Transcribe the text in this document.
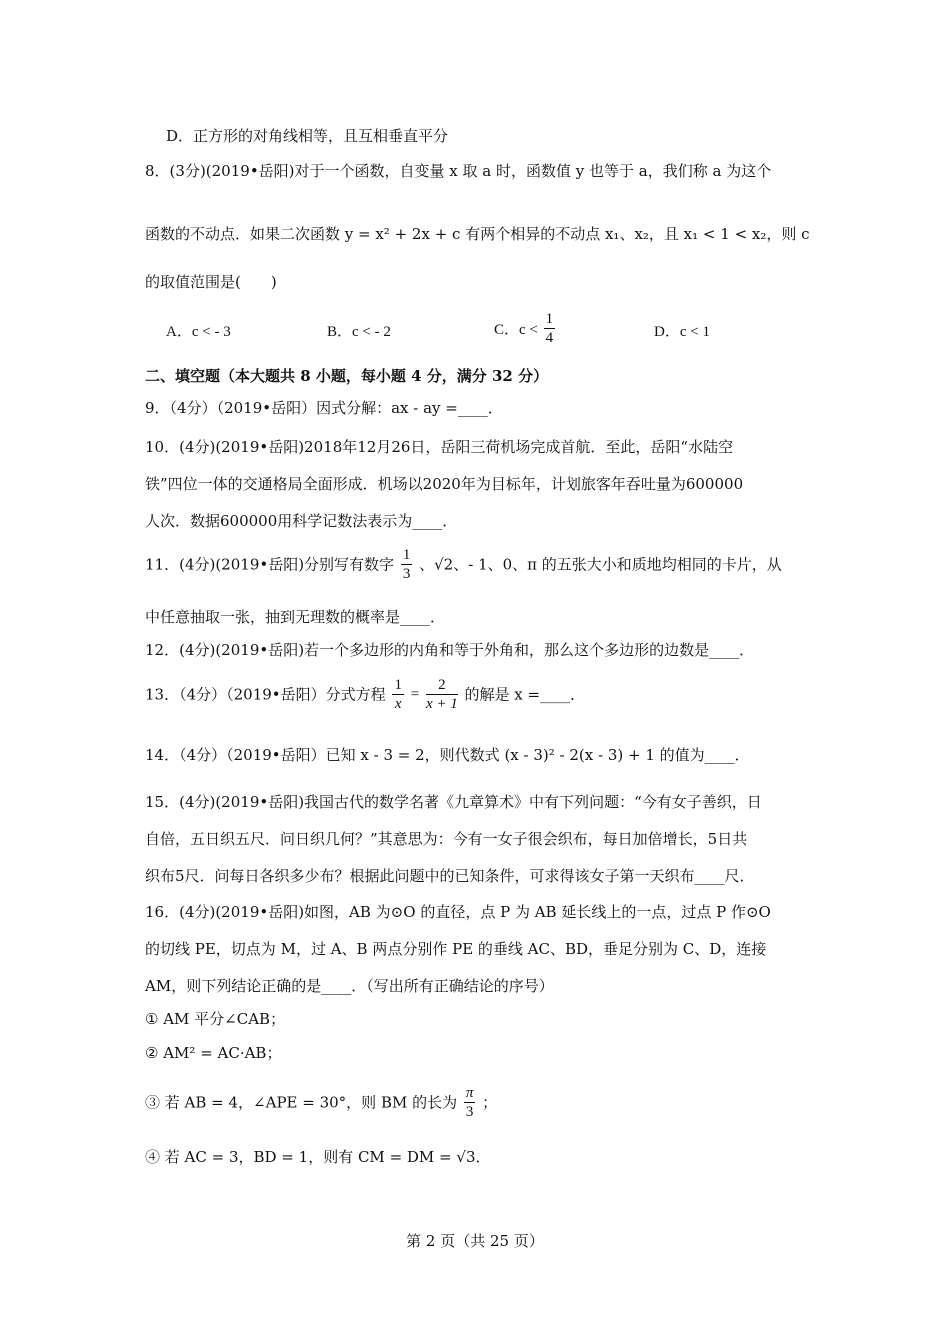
D．正方形的对角线相等，且互相垂直平分
8．(3分)(2019•岳阳)对于一个函数，自变量 x 取 a 时，函数值 y 也等于 a，我们称 a 为这个
函数的不动点．如果二次函数 y = x² + 2x + c 有两个相异的不动点 x₁、x₂，且 x₁ < 1 < x₂，则 c
的取值范围是(　　)
A．c < - 3	B．c < - 2	C．$c < \frac{1}{4}$	D．c < 1
二、填空题（本大题共 8 小题，每小题 4 分，满分 32 分）
9．（4分）（2019•岳阳）因式分解：ax - ay =____．
10．(4分)(2019•岳阳)2018年12月26日，岳阳三荷机场完成首航．至此，岳阳“水陆空
铁”四位一体的交通格局全面形成．机场以2020年为目标年，计划旅客年吞吐量为600000
人次．数据600000用科学记数法表示为____．
11．(4分)(2019•岳阳)分别写有数字 $\frac{1}{3}$ 、√2、- 1、0、π 的五张大小和质地均相同的卡片，从
中任意抽取一张，抽到无理数的概率是____．
12．(4分)(2019•岳阳)若一个多边形的内角和等于外角和，那么这个多边形的边数是____．
13．（4分）（2019•岳阳）分式方程 $\frac{1}{x} = \frac{2}{x + 1}$ 的解是 x =____．
14．（4分）（2019•岳阳）已知 x - 3 = 2，则代数式 (x - 3)² - 2(x - 3) + 1 的值为____．
15．(4分)(2019•岳阳)我国古代的数学名著《九章算术》中有下列问题：“今有女子善织，日
自倍，五日织五尺．问日织几何？”其意思为：今有一女子很会织布，每日加倍增长，5日共
织布5尺．问每日各织多少布？根据此问题中的已知条件，可求得该女子第一天织布____尺．
16．(4分)(2019•岳阳)如图，AB 为⊙O 的直径，点 P 为 AB 延长线上的一点，过点 P 作⊙O
的切线 PE，切点为 M，过 A、B 两点分别作 PE 的垂线 AC、BD，垂足分别为 C、D，连接
AM，则下列结论正确的是____．（写出所有正确结论的序号）
① AM 平分∠CAB；
② AM² = AC·AB；
③ 若 AB = 4，∠APE = 30°，则 BM 的长为 $\frac{\pi}{3}$ ；
④ 若 AC = 3，BD = 1，则有 CM = DM = √3．
第 2 页（共 25 页）
